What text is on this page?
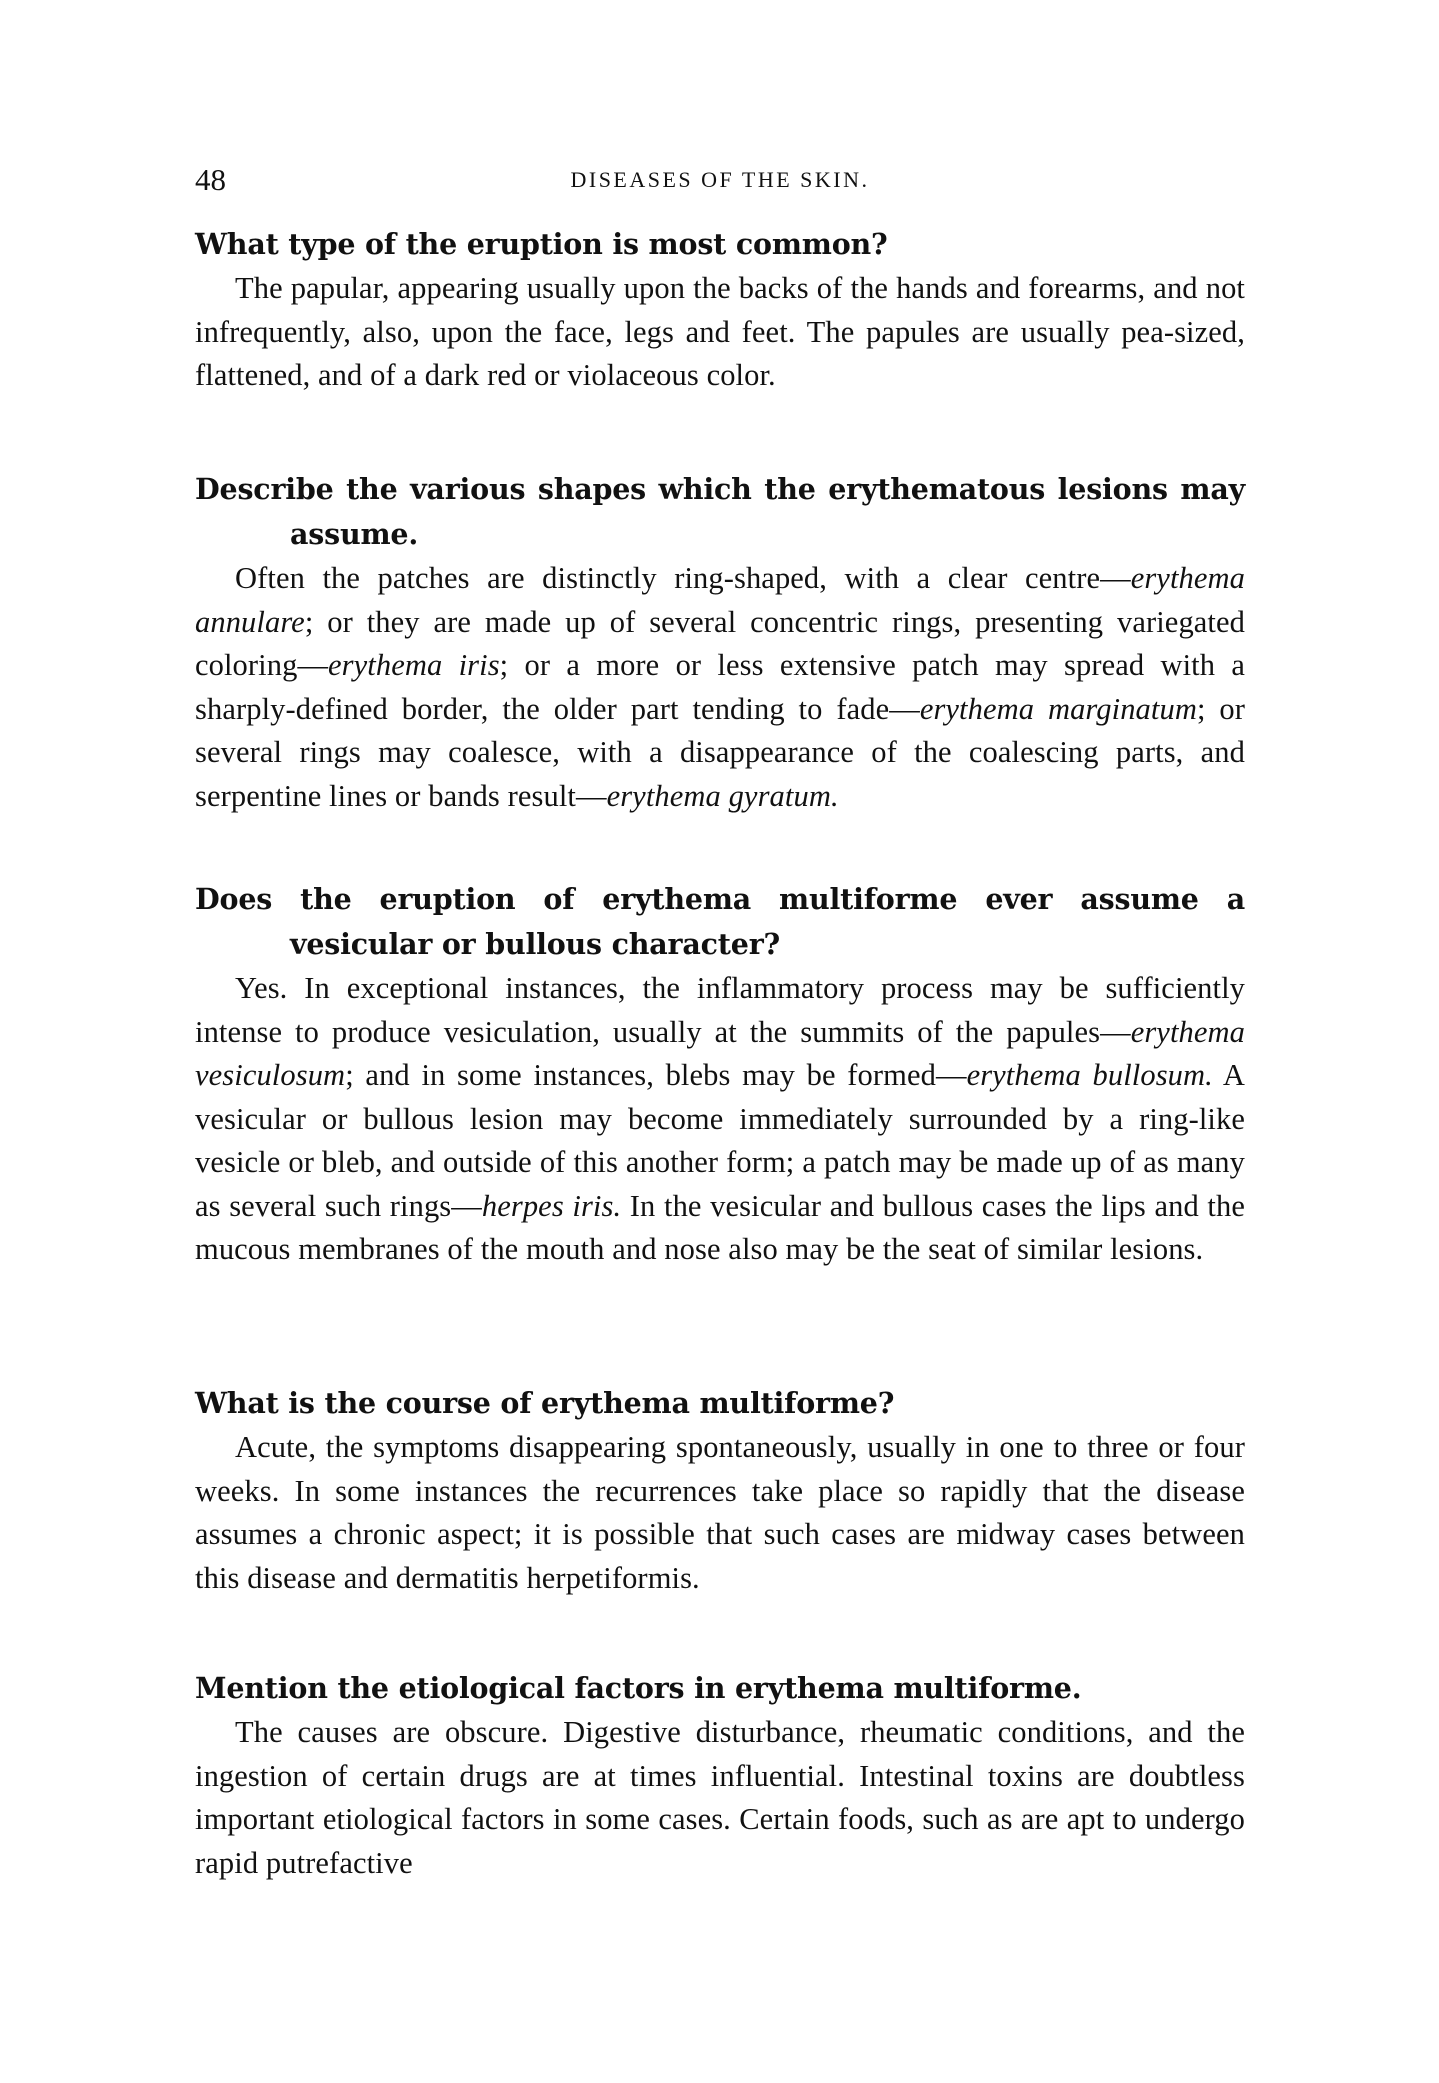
48	DISEASES OF THE SKIN.
What type of the eruption is most common?

The papular, appearing usually upon the backs of the hands and forearms, and not infrequently, also, upon the face, legs and feet. The papules are usually pea-sized, flattened, and of a dark red or violaceous color.

Describe the various shapes which the erythematous lesions may assume.

Often the patches are distinctly ring-shaped, with a clear centre—erythema annulare; or they are made up of several concentric rings, presenting variegated coloring—erythema iris; or a more or less extensive patch may spread with a sharply-defined border, the older part tending to fade—erythema marginatum; or several rings may coalesce, with a disappearance of the coalescing parts, and serpentine lines or bands result—erythema gyratum.

Does the eruption of erythema multiforme ever assume a vesicular or bullous character?

Yes. In exceptional instances, the inflammatory process may be sufficiently intense to produce vesiculation, usually at the summits of the papules—erythema vesiculosum; and in some instances, blebs may be formed—erythema bullosum. A vesicular or bullous lesion may become immediately surrounded by a ring-like vesicle or bleb, and outside of this another form; a patch may be made up of as many as several such rings—herpes iris. In the vesicular and bullous cases the lips and the mucous membranes of the mouth and nose also may be the seat of similar lesions.

What is the course of erythema multiforme?

Acute, the symptoms disappearing spontaneously, usually in one to three or four weeks. In some instances the recurrences take place so rapidly that the disease assumes a chronic aspect; it is possible that such cases are midway cases between this disease and dermatitis herpetiformis.

Mention the etiological factors in erythema multiforme.

The causes are obscure. Digestive disturbance, rheumatic conditions, and the ingestion of certain drugs are at times influential. Intestinal toxins are doubtless important etiological factors in some cases. Certain foods, such as are apt to undergo rapid putrefactive
